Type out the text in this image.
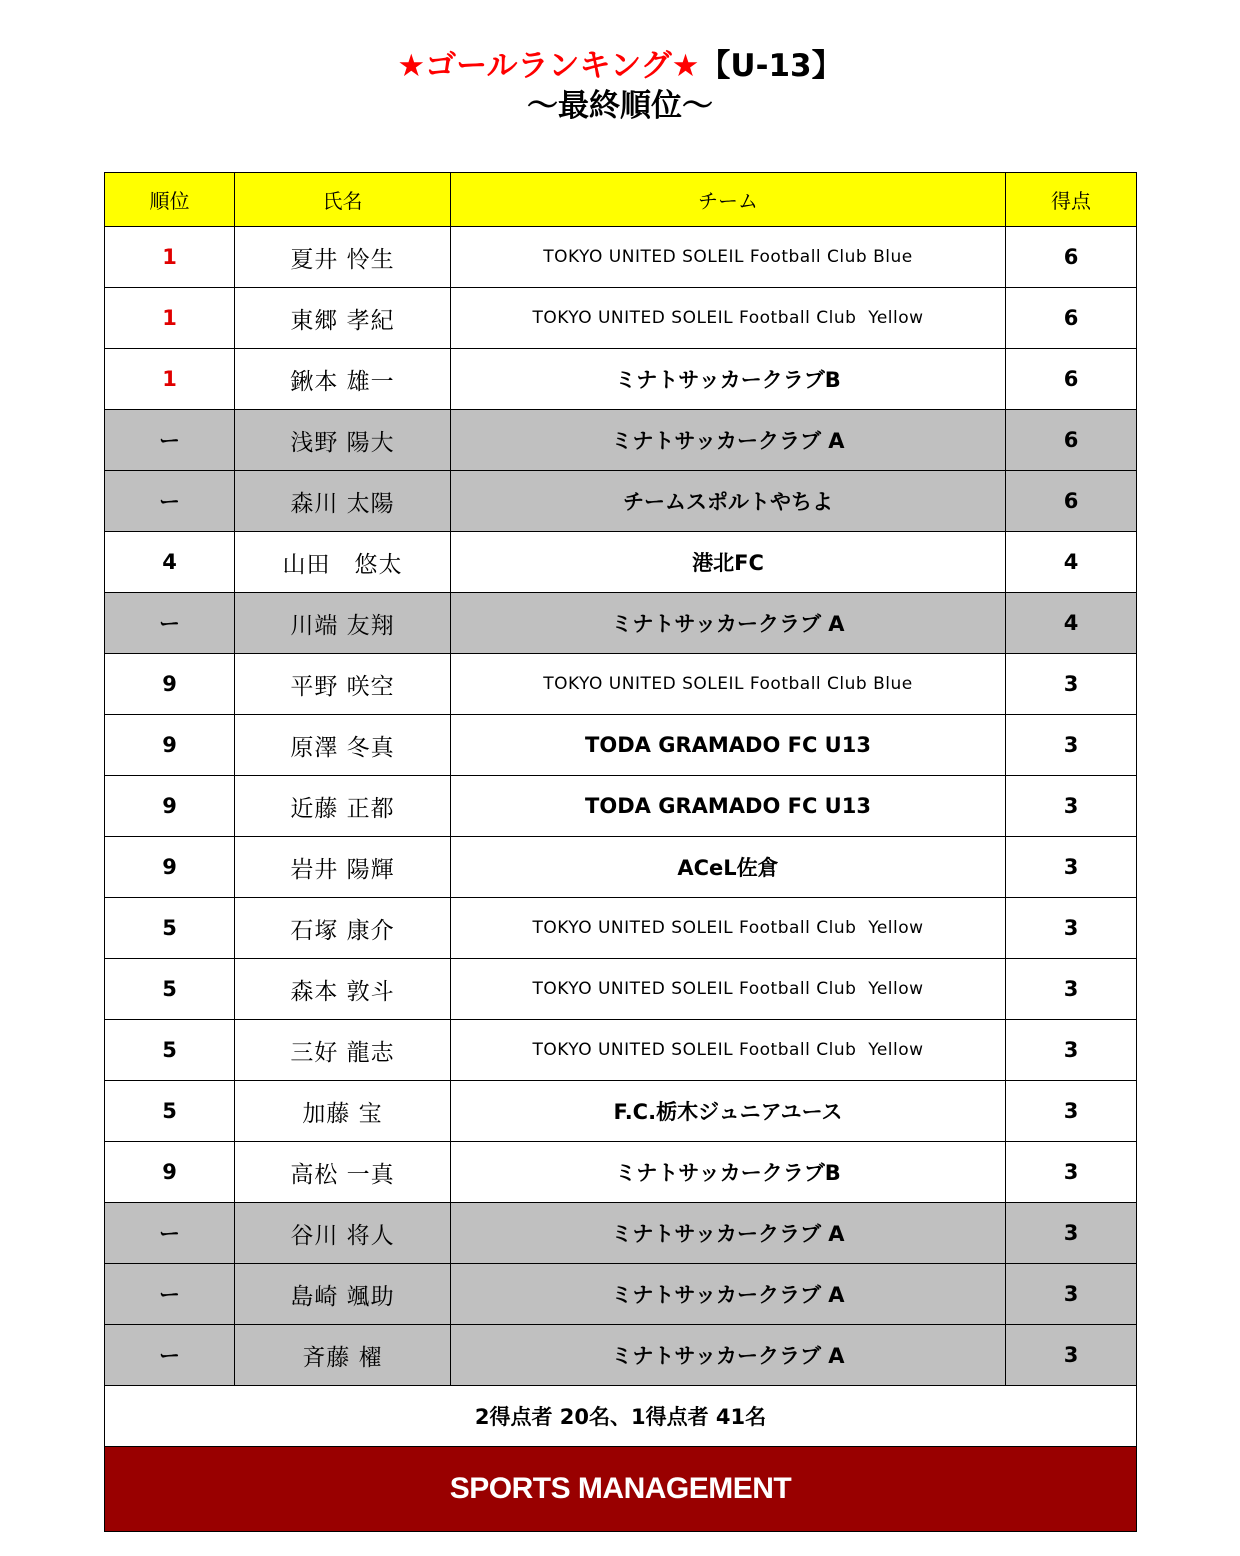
★ゴールランキング★【U-13】
～最終順位～
順位	氏名	チーム	得点
1	夏井 怜生	TOKYO UNITED SOLEIL Football Club Blue	6
1	東郷 孝紀	TOKYO UNITED SOLEIL Football Club  Yellow	6
1	鍬本 雄一	ミナトサッカークラブB	6
ー	浅野 陽大	ミナトサッカークラブ A	6
ー	森川 太陽	チームスポルトやちよ	6
4	山田　悠太	港北FC	4
ー	川端 友翔	ミナトサッカークラブ A	4
9	平野 咲空	TOKYO UNITED SOLEIL Football Club Blue	3
9	原澤 冬真	TODA GRAMADO FC U13	3
9	近藤 正都	TODA GRAMADO FC U13	3
9	岩井 陽輝	ACeL佐倉	3
5	石塚 康介	TOKYO UNITED SOLEIL Football Club  Yellow	3
5	森本 敦斗	TOKYO UNITED SOLEIL Football Club  Yellow	3
5	三好 龍志	TOKYO UNITED SOLEIL Football Club  Yellow	3
5	加藤 宝	F.C.栃木ジュニアユース	3
9	高松 一真	ミナトサッカークラブB	3
ー	谷川 将人	ミナトサッカークラブ A	3
ー	島崎 颯助	ミナトサッカークラブ A	3
ー	斉藤 櫂	ミナトサッカークラブ A	3
2得点者 20名、1得点者 41名			
SPORTS MANAGEMENT			
